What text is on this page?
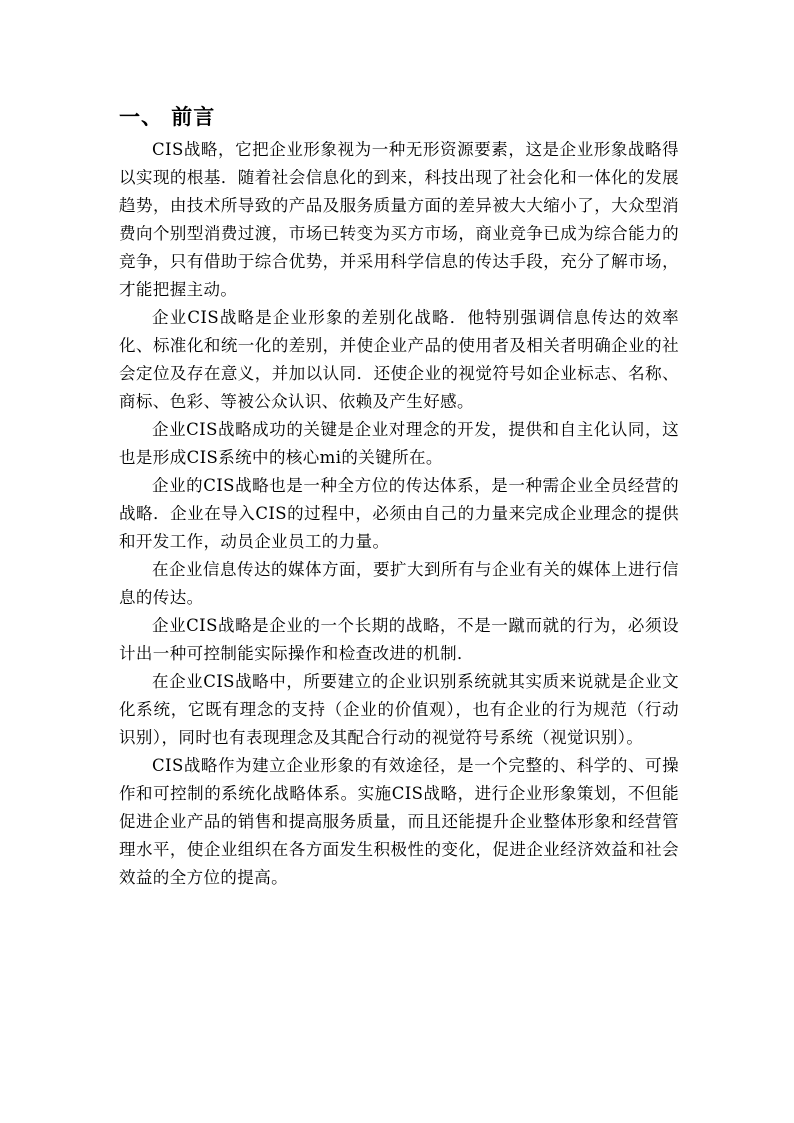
一、 前言

CIS战略，它把企业形象视为一种无形资源要素，这是企业形象战略得以实现的根基．随着社会信息化的到来，科技出现了社会化和一体化的发展趋势，由技术所导致的产品及服务质量方面的差异被大大缩小了，大众型消费向个别型消费过渡，市场已转变为买方市场，商业竞争已成为综合能力的竞争，只有借助于综合优势，并采用科学信息的传达手段，充分了解市场，才能把握主动。

企业CIS战略是企业形象的差别化战略．他特别强调信息传达的效率化、标准化和统一化的差别，并使企业产品的使用者及相关者明确企业的社会定位及存在意义，并加以认同．还使企业的视觉符号如企业标志、名称、商标、色彩、等被公众认识、依赖及产生好感。

企业CIS战略成功的关键是企业对理念的开发，提供和自主化认同，这也是形成CIS系统中的核心mi的关键所在。

企业的CIS战略也是一种全方位的传达体系，是一种需企业全员经营的战略．企业在导入CIS的过程中，必须由自己的力量来完成企业理念的提供和开发工作，动员企业员工的力量。

在企业信息传达的媒体方面，要扩大到所有与企业有关的媒体上进行信息的传达。

企业CIS战略是企业的一个长期的战略，不是一蹴而就的行为，必须设计出一种可控制能实际操作和检查改进的机制．

在企业CIS战略中，所要建立的企业识别系统就其实质来说就是企业文化系统，它既有理念的支持（企业的价值观），也有企业的行为规范（行动识别），同时也有表现理念及其配合行动的视觉符号系统（视觉识别）。

CIS战略作为建立企业形象的有效途径，是一个完整的、科学的、可操作和可控制的系统化战略体系。实施CIS战略，进行企业形象策划，不但能促进企业产品的销售和提高服务质量，而且还能提升企业整体形象和经营管理水平，使企业组织在各方面发生积极性的变化，促进企业经济效益和社会效益的全方位的提高。
